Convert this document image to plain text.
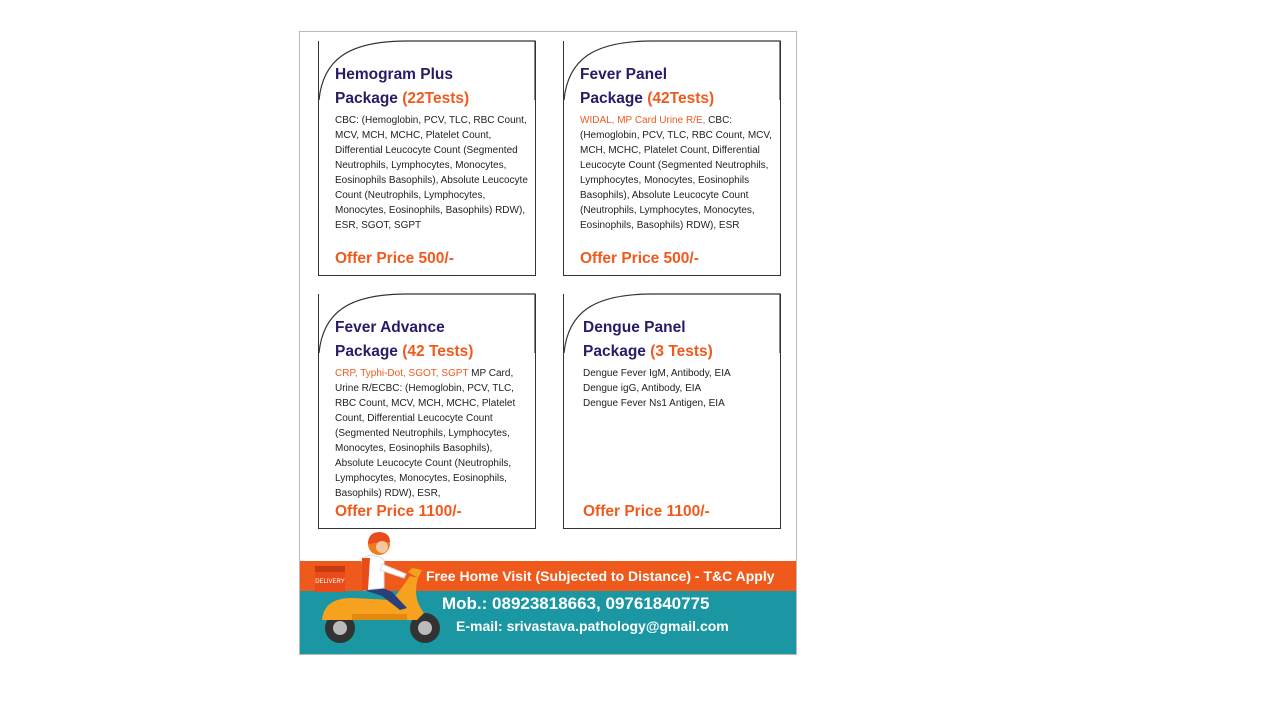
Hemogram Plus

Package (22Tests)

CBC: (Hemoglobin, PCV, TLC, RBC Count, MCV, MCH, MCHC, Platelet Count, Differential Leucocyte Count (Segmented Neutrophils, Lymphocytes, Monocytes, Eosinophils Basophils), Absolute Leucocyte Count (Neutrophils, Lymphocytes, Monocytes, Eosinophils, Basophils) RDW), ESR, SGOT, SGPT
Offer Price 500/-

Fever Panel

Package (42Tests)

WIDAL, MP Card Urine R/E, CBC: (Hemoglobin, PCV, TLC, RBC Count, MCV, MCH, MCHC, Platelet Count, Differential Leucocyte Count (Segmented Neutrophils, Lymphocytes, Monocytes, Eosinophils Basophils), Absolute Leucocyte Count (Neutrophils, Lymphocytes, Monocytes, Eosinophils, Basophils) RDW), ESR
Offer Price 500/-

Fever Advance

Package (42 Tests)

CRP, Typhi-Dot, SGOT, SGPT MP Card, Urine R/ECBC: (Hemoglobin, PCV, TLC, RBC Count, MCV, MCH, MCHC, Platelet Count, Differential Leucocyte Count (Segmented Neutrophils, Lymphocytes, Monocytes, Eosinophils Basophils), Absolute Leucocyte Count (Neutrophils, Lymphocytes, Monocytes, Eosinophils, Basophils) RDW), ESR,
Offer Price 1100/-

Dengue Panel

Package (3 Tests)

Dengue Fever IgM, Antibody, EIA
Dengue igG, Antibody, EIA
Dengue Fever Ns1 Antigen, EIA
Offer Price 1100/-
Free Home Visit (Subjected to Distance) - T&C Apply
Mob.: 08923818663, 09761840775
E-mail: srivastava.pathology@gmail.com
DELIVERY
